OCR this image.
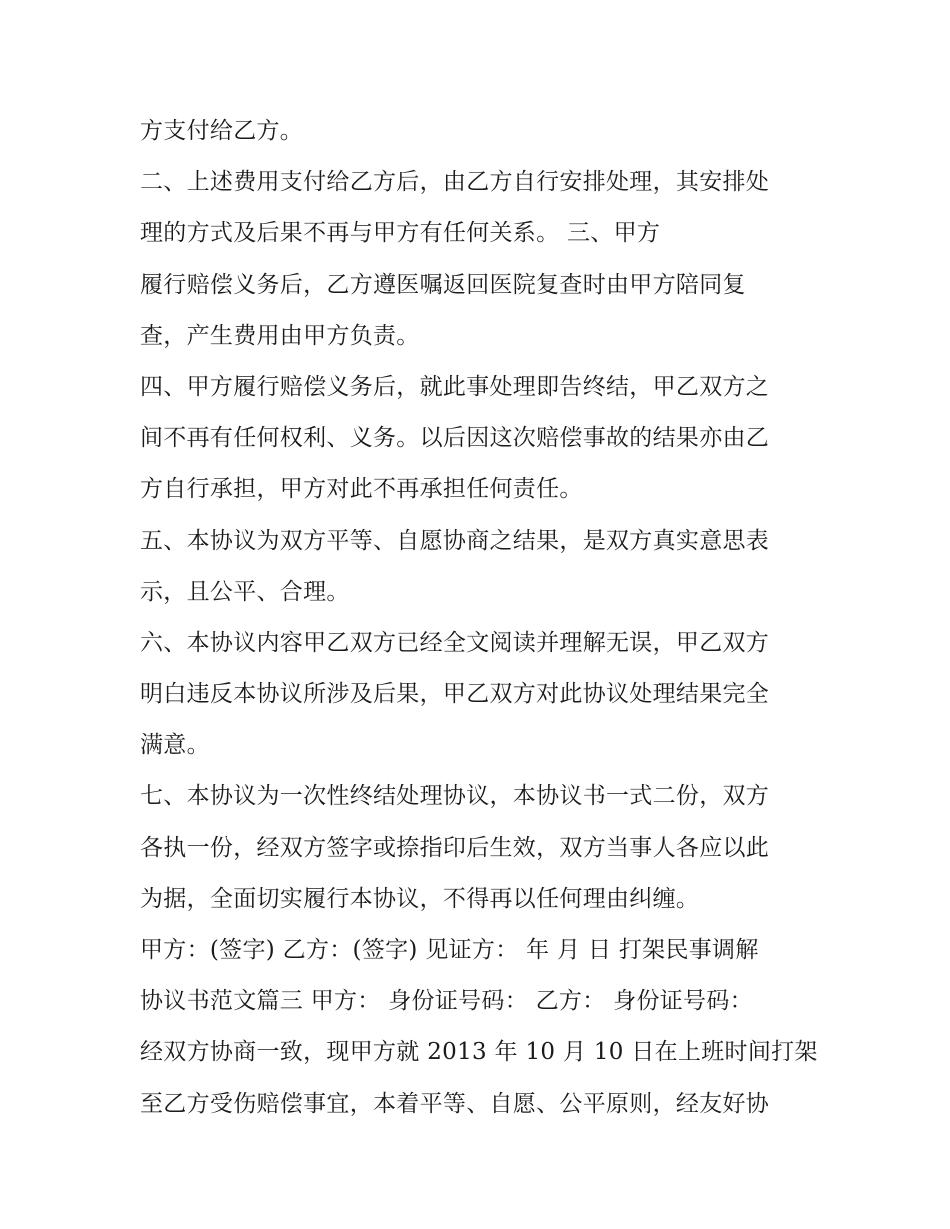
方支付给乙方。
二、上述费用支付给乙方后，由乙方自行安排处理，其安排处
理的方式及后果不再与甲方有任何关系。 三、甲方
履行赔偿义务后，乙方遵医嘱返回医院复查时由甲方陪同复
查，产生费用由甲方负责。
四、甲方履行赔偿义务后，就此事处理即告终结，甲乙双方之
间不再有任何权利、义务。以后因这次赔偿事故的结果亦由乙
方自行承担，甲方对此不再承担任何责任。
五、本协议为双方平等、自愿协商之结果，是双方真实意思表
示，且公平、合理。
六、本协议内容甲乙双方已经全文阅读并理解无误，甲乙双方
明白违反本协议所涉及后果，甲乙双方对此协议处理结果完全
满意。
七、本协议为一次性终结处理协议，本协议书一式二份，双方
各执一份，经双方签字或捺指印后生效，双方当事人各应以此
为据，全面切实履行本协议，不得再以任何理由纠缠。
甲方：(签字) 乙方：(签字) 见证方： 年 月 日 打架民事调解
协议书范文篇三 甲方： 身份证号码： 乙方： 身份证号码：
经双方协商一致，现甲方就 2013 年 10 月 10 日在上班时间打架
至乙方受伤赔偿事宜，本着平等、自愿、公平原则，经友好协
